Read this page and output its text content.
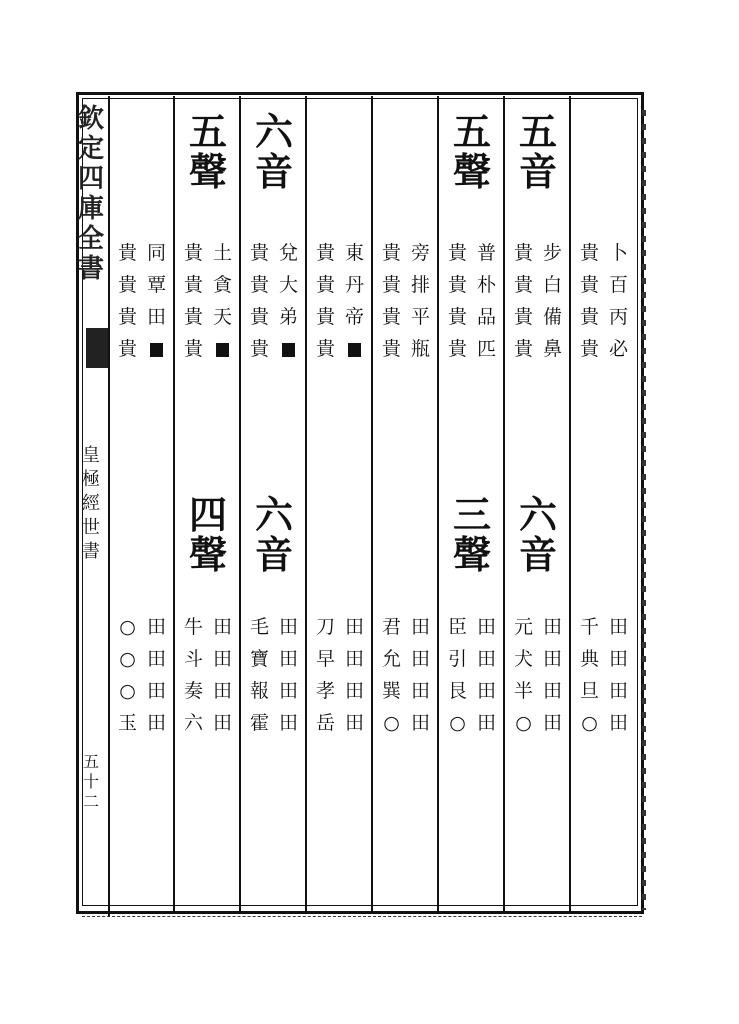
欽
定
四
庫
全
書
皇
極
經
世
書
五
十
二
貴 卜
貴 百
貴 丙
貴 必
千 田
典 田
旦 田
○ 田
五
音
六
音
貴 步
貴 白
貴 備
貴 鼻
元 田
犬 田
半 田
○ 田
五
聲
三
聲
貴 普
貴 朴
貴 品
貴 匹
臣 田
引 田
艮 田
○ 田
貴 旁
貴 排
貴 平
貴 瓶
君 田
允 田
巽 田
○ 田
貴 東
貴 丹
貴 帝
貴
刀 田
早 田
孝 田
岳 田
六
音
六
音
貴 兌
貴 大
貴 弟
貴
毛 田
寶 田
報 田
霍 田
五
聲
四
聲
貴 土
貴 貪
貴 天
貴
牛 田
斗 田
奏 田
六 田
貴 同
貴 覃
貴 田
貴
○ 田
○ 田
○ 田
玉 田
